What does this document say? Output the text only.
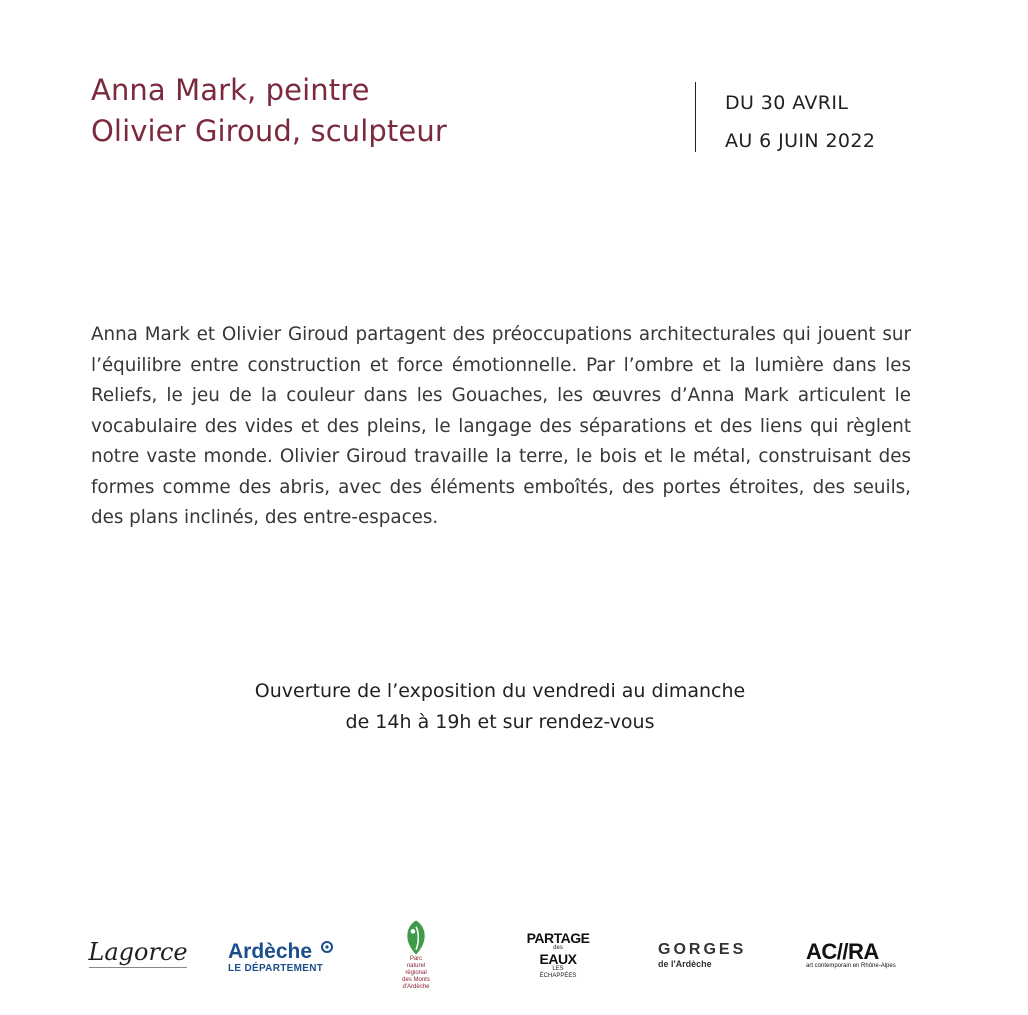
Anna Mark, peintre
Olivier Giroud, sculpteur
DU 30 AVRIL
AU 6 JUIN 2022

Anna Mark et Olivier Giroud partagent des préoccupations architecturales qui jouent sur l’équilibre entre construction et force émotionnelle. Par l’ombre et la lumière dans les Reliefs, le jeu de la couleur dans les Gouaches, les œuvres d’Anna Mark articulent le vocabulaire des vides et des pleins, le langage des séparations et des liens qui règlent notre vaste monde. Olivier Giroud travaille la terre, le bois et le métal, construisant des formes comme des abris, avec des éléments emboîtés, des portes étroites, des seuils, des plans inclinés, des entre-espaces.

Ouverture de l’exposition du vendredi au dimanche
de 14h à 19h et sur rendez-vous
Lagorce Ardèche
LE DÉPARTEMENT
Parc
naturel
régional
des Monts d'Ardèche
PARTAGE
des
EAUX
LES
ÉCHAPPÉES
GORGES
de l'Ardèche	AC//RA
art contemporain en Rhône-Alpes
